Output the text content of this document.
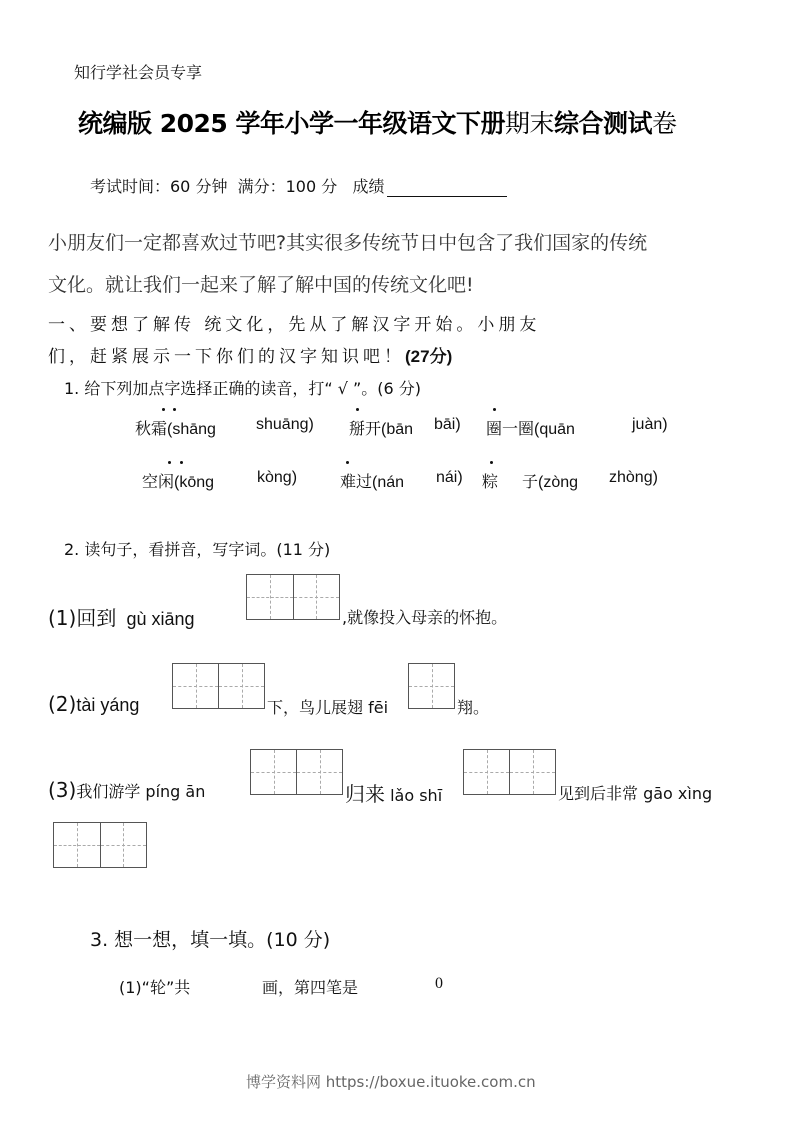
知行学社会员专享
统编版 2025 学年小学一年级语文下册期末综合测试卷
考试时间：60 分钟 满分：100 分 成绩
小朋友们一定都喜欢过节吧?其实很多传统节日中包含了我们国家的传统
文化。就让我们一起来了解了解中国的传统文化吧!
一、要想了解传 统文化，先从了解汉字开始。小朋友
们，赶紧展示一下你们的汉字知识吧！(27分)
1. 给下列加点字选择正确的读音，打“ √ ”。(6 分)
秋霜(shāng	shuāng) 掰开(bān bāi) 圈一圈(quān	juàn)
空闲(kōng	kòng)	难过(nán nái) 粽 子(zòng zhòng)
2. 读句子，看拼音，写字词。(11 分)
(1)回到 gù xiāng	,就像投入母亲的怀抱。
(2)tài yáng	下，鸟儿展翅 fēi	翔。
(3)我们游学 píng ān	归来 lǎo shī	见到后非常 gāo xìng
3. 想一想，填一填。(10 分)
(1)“轮”共	画，第四笔是	0
博学资料网 https://boxue.ituoke.com.cn
